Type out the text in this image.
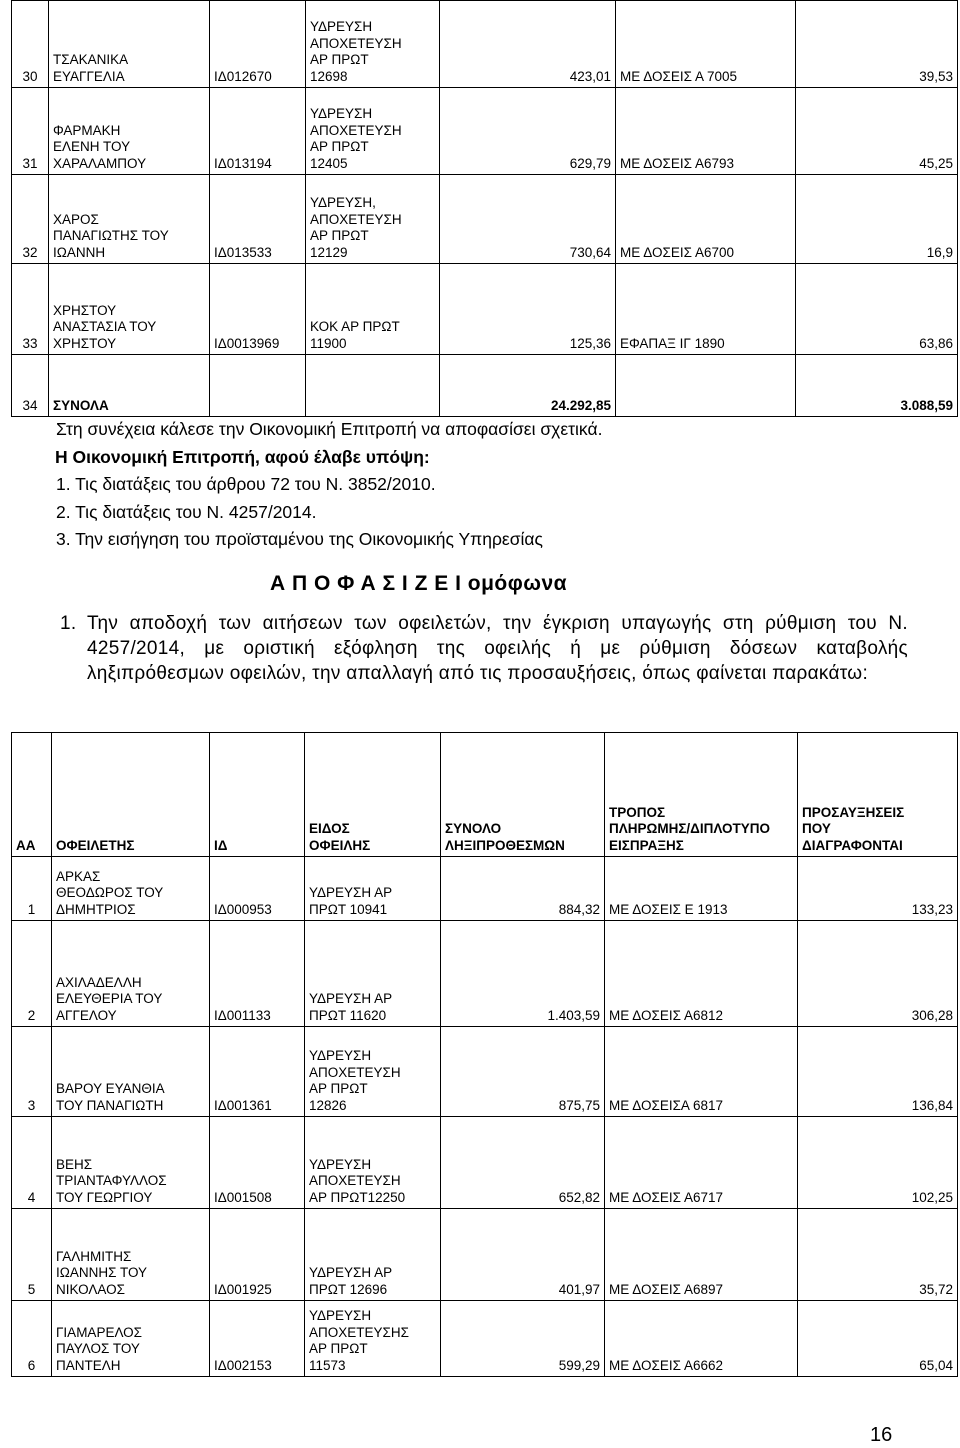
30	ΤΣΑΚΑΝΙΚΑ
ΕΥΑΓΓΕΛΙΑ	ΙΔ012670	ΥΔΡΕΥΣΗ
ΑΠΟΧΕΤΕΥΣΗ
ΑΡ ΠΡΩΤ
12698	423,01	ΜΕ ΔΟΣΕΙΣ Α 7005	39,53
31	ΦΑΡΜΑΚΗ
ΕΛΕΝΗ ΤΟΥ
ΧΑΡΑΛΑΜΠΟΥ	ΙΔ013194	ΥΔΡΕΥΣΗ
ΑΠΟΧΕΤΕΥΣΗ
ΑΡ ΠΡΩΤ
12405	629,79	ΜΕ ΔΟΣΕΙΣ Α6793	45,25
32	ΧΑΡΟΣ
ΠΑΝΑΓΙΩΤΗΣ ΤΟΥ
ΙΩΑΝΝΗ	ΙΔ013533	ΥΔΡΕΥΣΗ,
ΑΠΟΧΕΤΕΥΣΗ
ΑΡ ΠΡΩΤ
12129	730,64	ΜΕ ΔΟΣΕΙΣ Α6700	16,9
33	ΧΡΗΣΤΟΥ
ΑΝΑΣΤΑΣΙΑ ΤΟΥ
ΧΡΗΣΤΟΥ	ΙΔ0013969	ΚΟΚ ΑΡ ΠΡΩΤ
11900	125,36	ΕΦΑΠΑΞ ΙΓ 1890	63,86
34	ΣΥΝΟΛΑ			24.292,85		3.088,59
Στη συνέχεια κάλεσε την Οικονομική Επιτροπή να αποφασίσει σχετικά.
Η Οικονομική Επιτροπή, αφού έλαβε υπόψη:
1. Τις διατάξεις του άρθρου 72 του Ν. 3852/2010.
2. Τις διατάξεις του Ν. 4257/2014.
3. Την εισήγηση του προϊσταμένου της Οικονομικής Υπηρεσίας
Α Π Ο Φ Α Σ Ι Ζ Ε Ι ομόφωνα
1. Την αποδοχή των αιτήσεων των οφειλετών, την έγκριση υπαγωγής στη ρύθμιση του Ν. 4257/2014, με οριστική εξόφληση της οφειλής ή με ρύθμιση δόσεων καταβολής ληξιπρόθεσμων οφειλών, την απαλλαγή από τις προσαυξήσεις, όπως φαίνεται παρακάτω:
ΑΑ	ΟΦΕΙΛΕΤΗΣ	ΙΔ	ΕΙΔΟΣ
ΟΦΕΙΛΗΣ	ΣΥΝΟΛΟ
ΛΗΞΙΠΡΟΘΕΣΜΩΝ	ΤΡΟΠΟΣ
ΠΛΗΡΩΜΗΣ/ΔΙΠΛΟΤΥΠΟ
ΕΙΣΠΡΑΞΗΣ	ΠΡΟΣΑΥΞΗΣΕΙΣ
ΠΟΥ
ΔΙΑΓΡΑΦΟΝΤΑΙ

1	ΑΡΚΑΣ
ΘΕΟΔΩΡΟΣ ΤΟΥ
ΔΗΜΗΤΡΙΟΣ	ΙΔ000953	ΥΔΡΕΥΣΗ ΑΡ
ΠΡΩΤ 10941	884,32	ΜΕ ΔΟΣΕΙΣ Ε 1913	133,23
2	ΑΧΙΛΑΔΕΛΛΗ
ΕΛΕΥΘΕΡΙΑ ΤΟΥ
ΑΓΓΕΛΟΥ	ΙΔ001133	ΥΔΡΕΥΣΗ ΑΡ
ΠΡΩΤ 11620	1.403,59	ΜΕ ΔΟΣΕΙΣ Α6812	306,28
3	ΒΑΡΟΥ ΕΥΑΝΘΙΑ
ΤΟΥ ΠΑΝΑΓΙΩΤΗ	ΙΔ001361	ΥΔΡΕΥΣΗ
ΑΠΟΧΕΤΕΥΣΗ
ΑΡ ΠΡΩΤ
12826	875,75	ΜΕ ΔΟΣΕΙΣΑ 6817	136,84
4	ΒΕΗΣ
ΤΡΙΑΝΤΑΦΥΛΛΟΣ
ΤΟΥ ΓΕΩΡΓΙΟΥ	ΙΔ001508	ΥΔΡΕΥΣΗ
ΑΠΟΧΕΤΕΥΣΗ
ΑΡ ΠΡΩΤ12250	652,82	ΜΕ ΔΟΣΕΙΣ Α6717	102,25
5	ΓΑΛΗΜΙΤΗΣ
ΙΩΑΝΝΗΣ ΤΟΥ
ΝΙΚΟΛΑΟΣ	ΙΔ001925	ΥΔΡΕΥΣΗ ΑΡ
ΠΡΩΤ 12696	401,97	ΜΕ ΔΟΣΕΙΣ Α6897	35,72
6	ΓΙΑΜΑΡΕΛΟΣ
ΠΑΥΛΟΣ ΤΟΥ
ΠΑΝΤΕΛΗ	ΙΔ002153	ΥΔΡΕΥΣΗ
ΑΠΟΧΕΤΕΥΣΗΣ
ΑΡ ΠΡΩΤ
11573	599,29	ΜΕ ΔΟΣΕΙΣ Α6662	65,04
16
